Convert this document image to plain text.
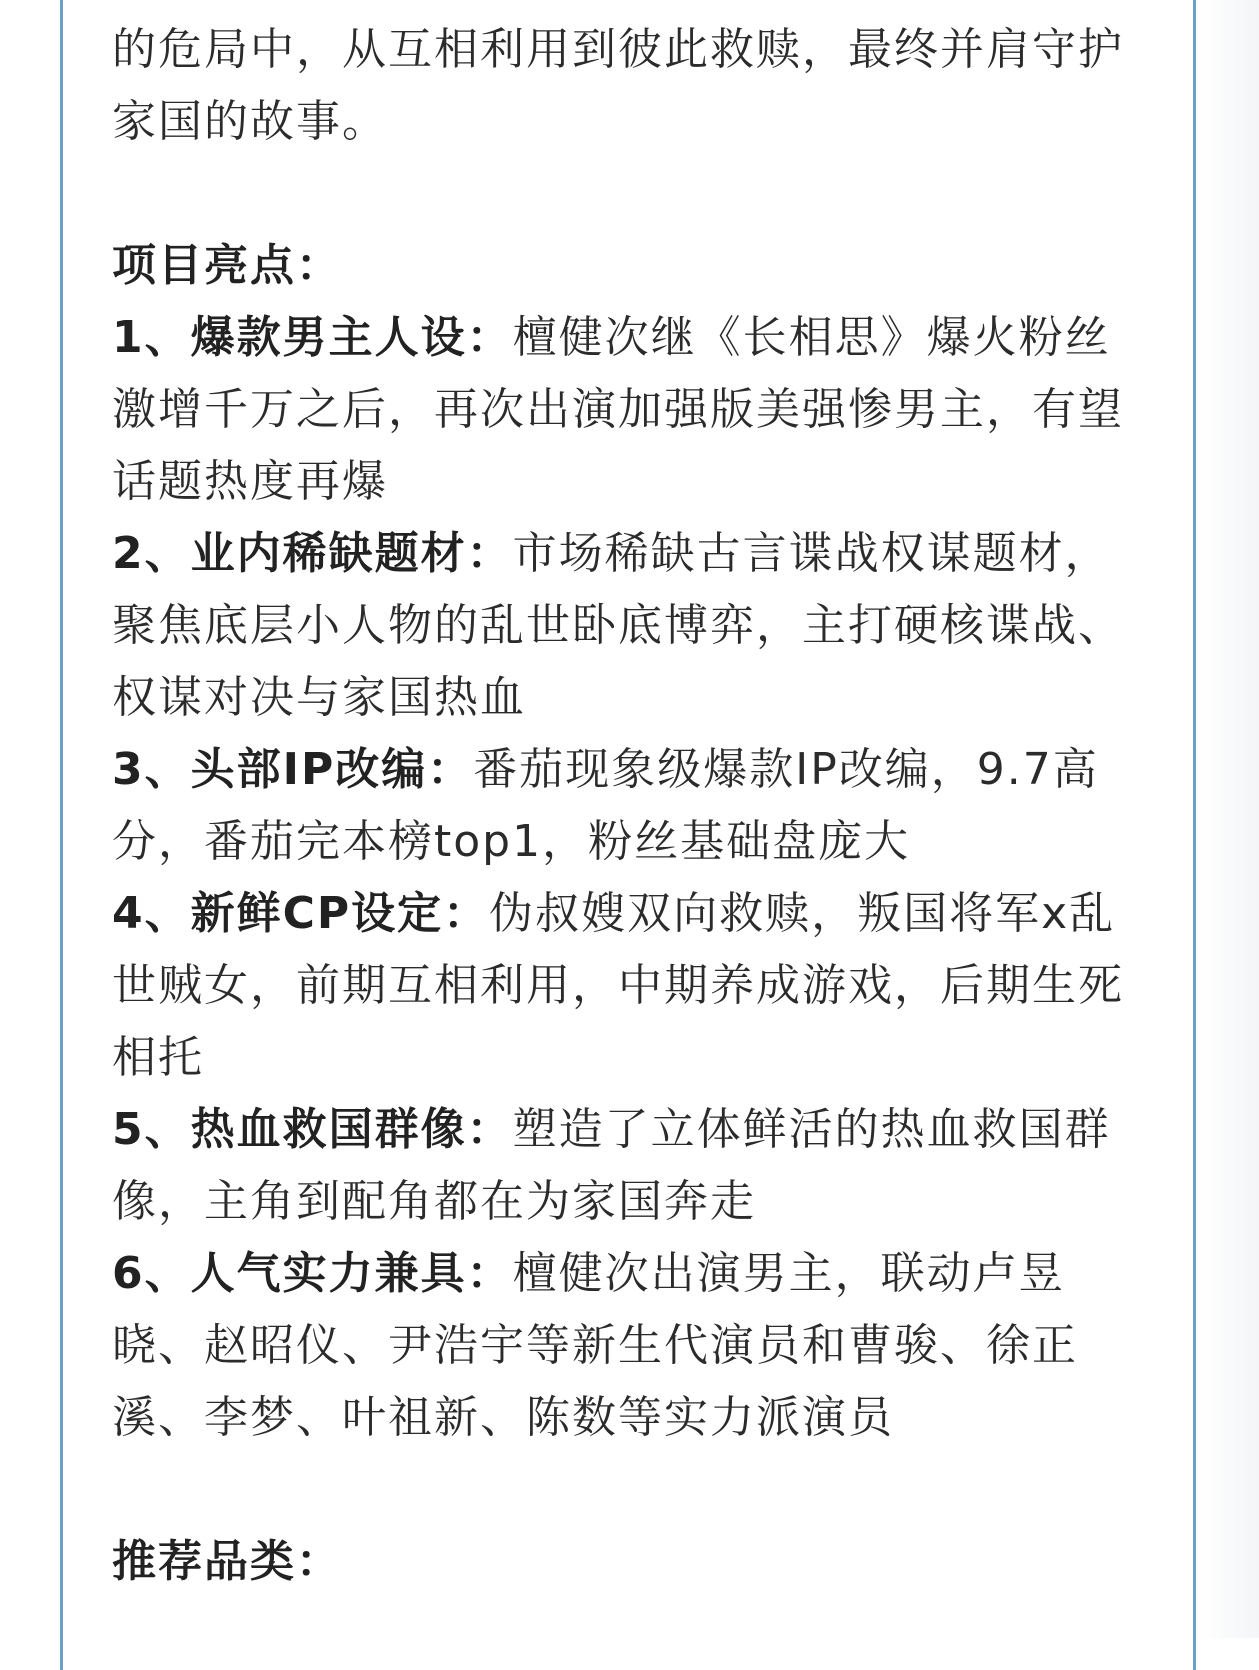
的危局中，从互相利用到彼此救赎，最终并肩守护

家国的故事。

项目亮点：

1、爆款男主人设：檀健次继《长相思》爆火粉丝激增千万之后，再次出演加强版美强惨男主，有望话题热度再爆

2、业内稀缺题材：市场稀缺古言谍战权谋题材，聚焦底层小人物的乱世卧底博弈，主打硬核谍战、权谋对决与家国热血

3、头部IP改编：番茄现象级爆款IP改编，9.7高分，番茄完本榜top1，粉丝基础盘庞大

4、新鲜CP设定：伪叔嫂双向救赎，叛国将军x乱世贼女，前期互相利用，中期养成游戏，后期生死相托

5、热血救国群像：塑造了立体鲜活的热血救国群像，主角到配角都在为家国奔走

6、人气实力兼具：檀健次出演男主，联动卢昱晓、赵昭仪、尹浩宇等新生代演员和曹骏、徐正溪、李梦、叶祖新、陈数等实力派演员

推荐品类：
